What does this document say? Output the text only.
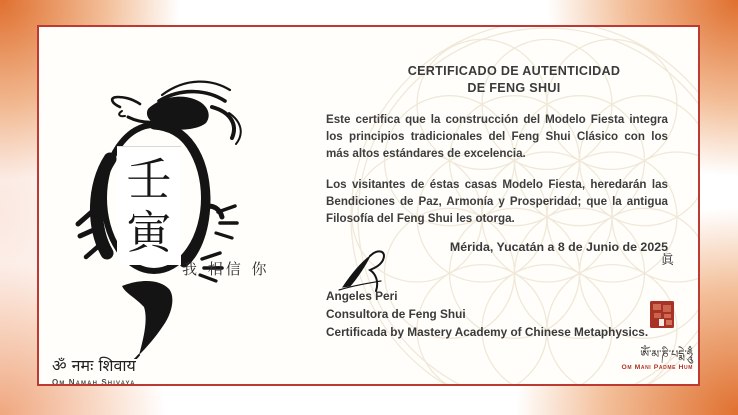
壬
寅
我 相信 你
CERTIFICADO DE AUTENTICIDAD
DE FENG SHUI
Este certifica que la construcción del Modelo Fiesta integra los principios tradicionales del Feng Shui Clásico con los más altos estándares de excelencia.
Los visitantes de éstas casas Modelo Fiesta, heredarán las Bendiciones de Paz, Armonía y Prosperidad; que la antigua Filosofía del Feng Shui les otorga.
Mérida, Yucatán a 8 de Junio de 2025
眞
Angeles Peri
Consultora de Feng Shui
Certificada by Mastery Academy of Chinese Metaphysics.
ॐ नमः शिवाय
Om Namah Shivaya
ཨོཾ་མ་ཎི་པདྨེ་ཧཱུྃ
Om Mani Padme Hum
